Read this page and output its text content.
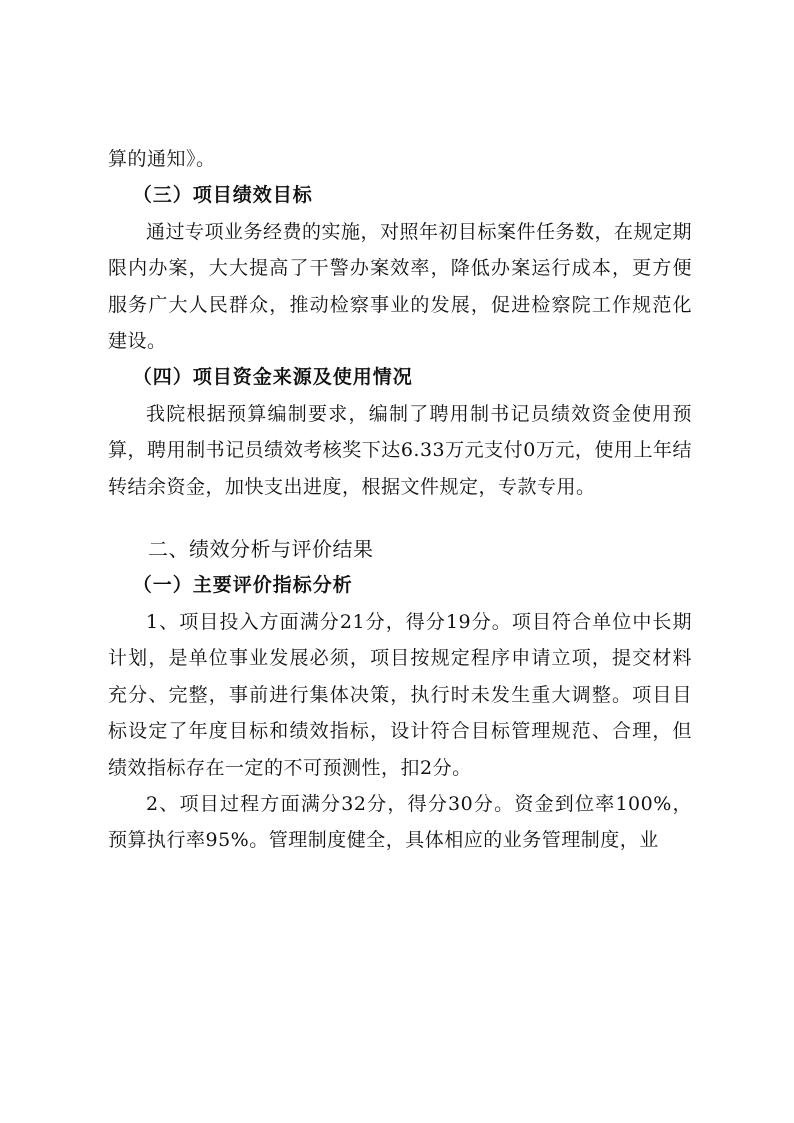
算的通知》。

（三）项目绩效目标

通过专项业务经费的实施，对照年初目标案件任务数，在规定期限内办案，大大提高了干警办案效率，降低办案运行成本，更方便服务广大人民群众，推动检察事业的发展，促进检察院工作规范化建设。

（四）项目资金来源及使用情况

我院根据预算编制要求，编制了聘用制书记员绩效资金使用预算，聘用制书记员绩效考核奖下达6.33万元支付0万元，使用上年结转结余资金，加快支出进度，根据文件规定，专款专用。

二、绩效分析与评价结果

（一）主要评价指标分析

1、项目投入方面满分21分，得分19分。项目符合单位中长期计划，是单位事业发展必须，项目按规定程序申请立项，提交材料充分、完整，事前进行集体决策，执行时未发生重大调整。项目目标设定了年度目标和绩效指标，设计符合目标管理规范、合理，但绩效指标存在一定的不可预测性，扣2分。

2、项目过程方面满分32分，得分30分。资金到位率100%，预算执行率95%。管理制度健全，具体相应的业务管理制度，业
